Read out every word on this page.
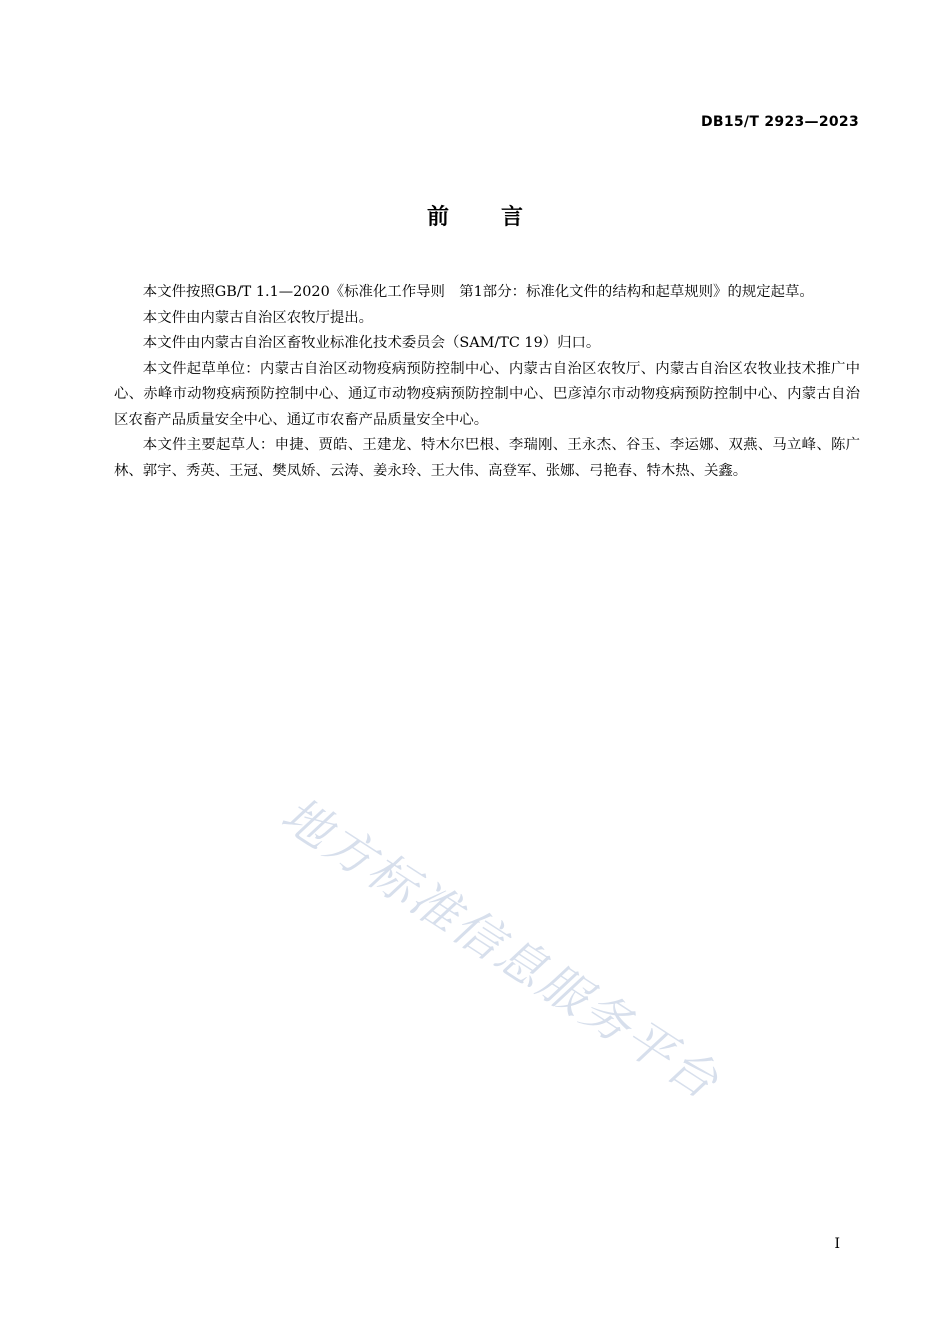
DB15/T 2923—2023
前 言

本文件按照GB/T 1.1—2020《标准化工作导则　第1部分：标准化文件的结构和起草规则》的规定起草。

本文件由内蒙古自治区农牧厅提出。

本文件由内蒙古自治区畜牧业标准化技术委员会（SAM/TC 19）归口。

本文件起草单位：内蒙古自治区动物疫病预防控制中心、内蒙古自治区农牧厅、内蒙古自治区农牧业技术推广中心、赤峰市动物疫病预防控制中心、通辽市动物疫病预防控制中心、巴彦淖尔市动物疫病预防控制中心、内蒙古自治区农畜产品质量安全中心、通辽市农畜产品质量安全中心。

本文件主要起草人：申捷、贾皓、王建龙、特木尔巴根、李瑞刚、王永杰、谷玉、李运娜、双燕、马立峰、陈广林、郭宇、秀英、王冠、樊凤娇、云涛、姜永玲、王大伟、高登军、张娜、弓艳春、特木热、关鑫。

地方标准信息服务平台
I
